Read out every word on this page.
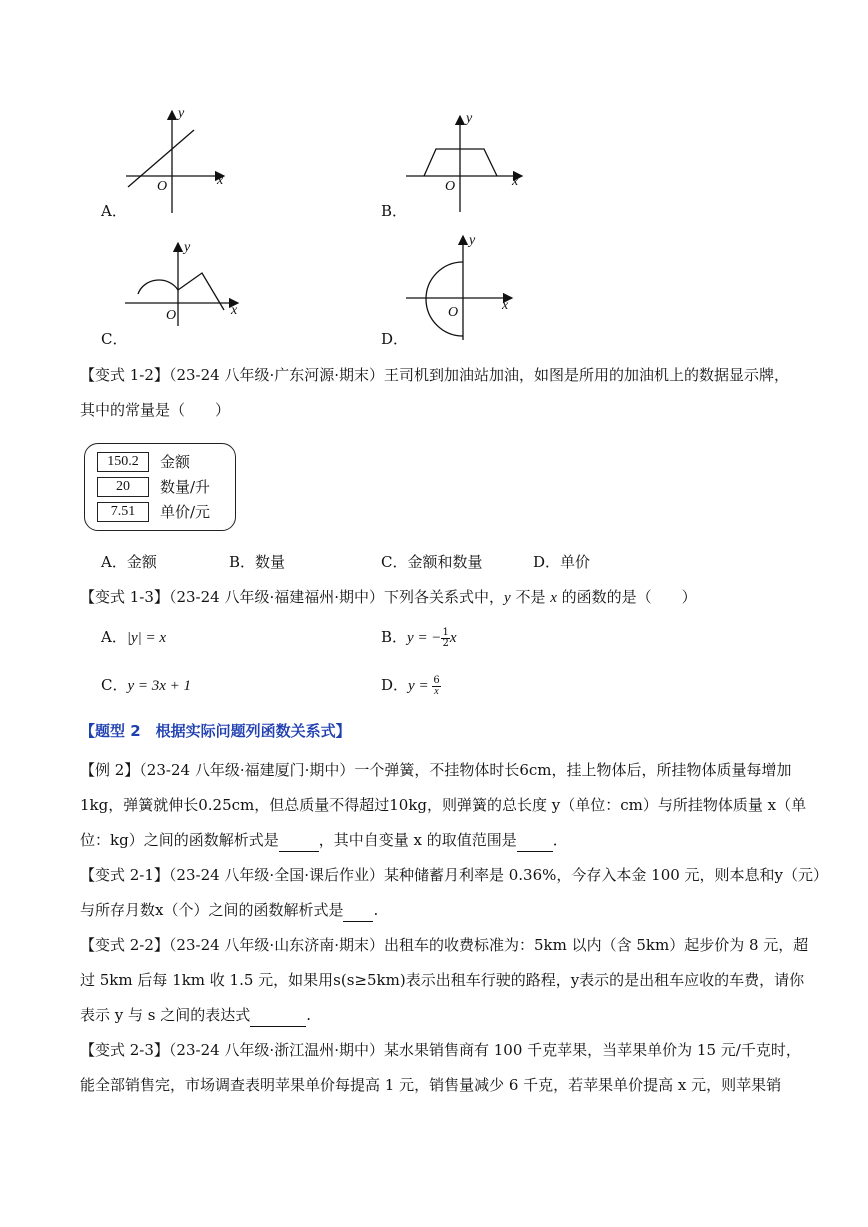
y
x
O
A．
y
x
O
B．
y
x
O
C．
y
x
O
D．
【变式 1-2】（23-24 八年级·广东河源·期末）王司机到加油站加油，如图是所用的加油机上的数据显示牌，
其中的常量是（　　）
150.2	金额
20	数量/升
7.51	单价/元
A．金额	B．数量	C．金额和数量	D．单价
【变式 1-3】（23-24 八年级·福建福州·期中）下列各关系式中，y 不是 x 的函数的是（　　）
A．|y| = x	B．y = − $\frac{1}{2}$ x
C．y = 3x + 1	D．$y = \frac{6}{x}$
【题型 2　根据实际问题列函数关系式】
【例 2】（23-24 八年级·福建厦门·期中）一个弹簧，不挂物体时长6cm，挂上物体后，所挂物体质量每增加
1kg，弹簧就伸长0.25cm，但总质量不得超过10kg，则弹簧的总长度 y（单位：cm）与所挂物体质量 x（单
位：kg）之间的函数解析式是	，其中自变量 x 的取值范围是 ．
【变式 2-1】（23-24 八年级·全国·课后作业）某种储蓄月利率是 0.36%，今存入本金 100 元，则本息和y（元）
与所存月数x（个）之间的函数解析式是 .
【变式 2-2】（23-24 八年级·山东济南·期末）出租车的收费标准为：5km 以内（含 5km）起步价为 8 元，超
过 5km 后每 1km 收 1.5 元，如果用s(s≥5km)表示出租车行驶的路程，y表示的是出租车应收的车费，请你
表示 y 与 s 之间的表达式	.
【变式 2-3】（23-24 八年级·浙江温州·期中）某水果销售商有 100 千克苹果，当苹果单价为 15 元/千克时，
能全部销售完，市场调查表明苹果单价每提高 1 元，销售量减少 6 千克，若苹果单价提高 x 元，则苹果销
